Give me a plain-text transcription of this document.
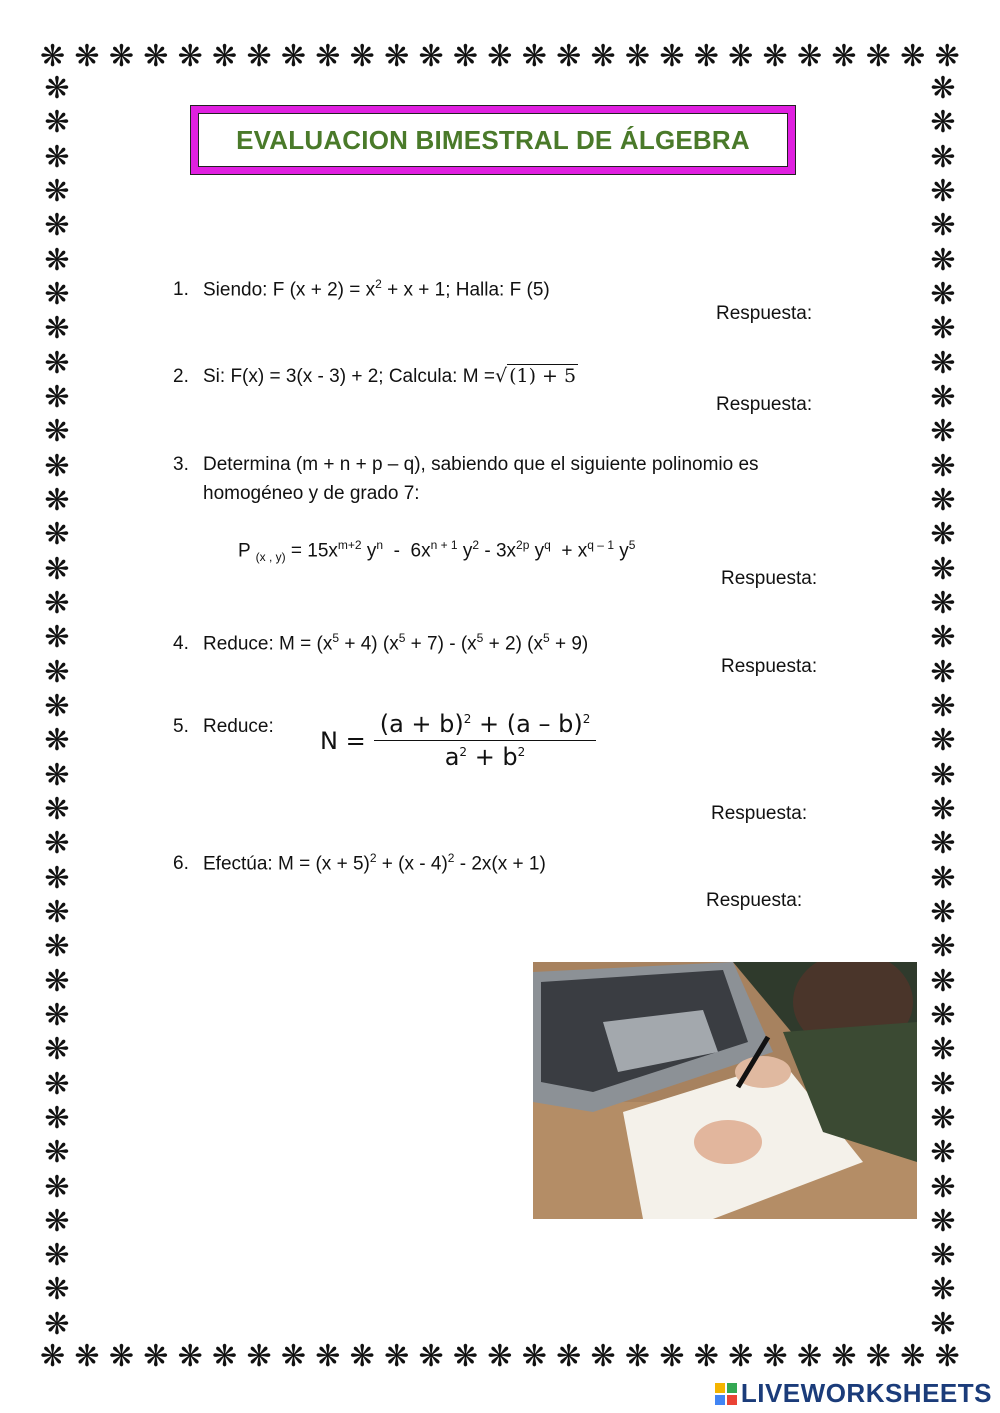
❋ ❋ ❋ ❋ ❋ ❋ ❋ ❋ ❋ ❋ ❋ ❋ ❋ ❋ ❋ ❋ ❋ ❋ ❋ ❋ ❋ ❋ ❋ ❋ ❋ ❋ ❋
❋ ❋ ❋ ❋ ❋ ❋ ❋ ❋ ❋ ❋ ❋ ❋ ❋ ❋ ❋ ❋ ❋ ❋ ❋ ❋ ❋ ❋ ❋ ❋ ❋ ❋ ❋
❋
❋
❋
❋
❋
❋
❋
❋
❋
❋
❋
❋
❋
❋
❋
❋
❋
❋
❋
❋
❋
❋
❋
❋
❋
❋
❋
❋
❋
❋
❋
❋
❋
❋
❋
❋
❋
❋
❋
❋
❋
❋
❋
❋
❋
❋
❋
❋
❋
❋
❋
❋
❋
❋
❋
❋
❋
❋
❋
❋
❋
❋
❋
❋
❋
❋
❋
❋
❋
❋
❋
❋
❋
❋
EVALUACION BIMESTRAL DE ÁLGEBRA
1. Siendo: F $(x + 2) = x^2 + x + 1$; Halla: F (5)
Respuesta:
2. Si: F(x) = 3(x - 3) + 2; Calcula: M =√ (1) + 5
Respuesta:
3. Determina (m + n + p – q), sabiendo que el siguiente polinomio es
homogéneo y de grado 7:
P $_{(x , y)} = 15x^{m+2}$ $y^n - 6x^{n + 1}$ $y^2 - 3x^{2p}$ $y^q + x^{q - 1}$ $y^5$
Respuesta:
4. Reduce: $M = (x^5 + 4) (x^5 + 7) - (x^5 + 2) (x^5 + 9)$
Respuesta:
5. Reduce: $N = \frac{(a + b)^2 + (a - b)^2}{a^2 + b^2}$
Respuesta:
6. Efectúa: $M = (x + 5)^2 + (x - 4)^2 - 2x(x + 1)$
Respuesta:
LIVEWORKSHEETS
